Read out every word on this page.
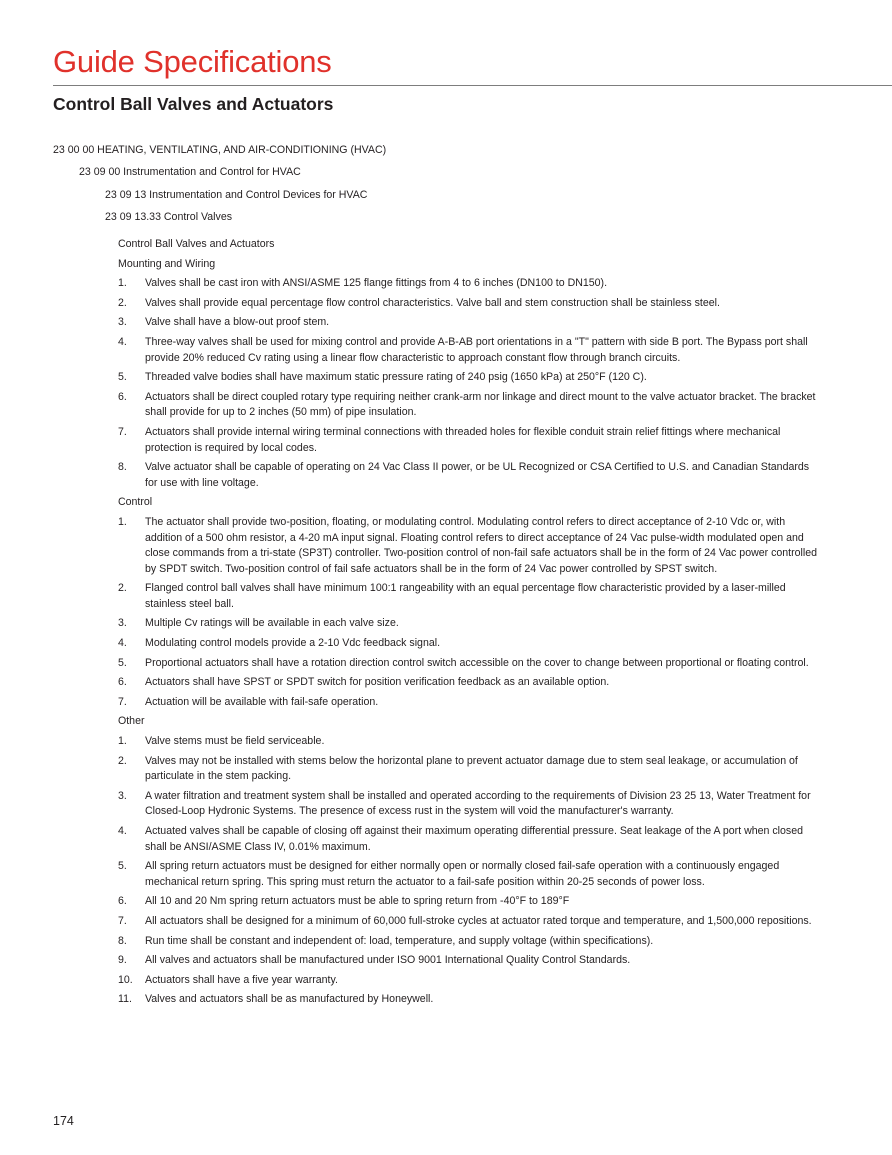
Guide Specifications
Control Ball Valves and Actuators
23 00 00 HEATING, VENTILATING, AND AIR-CONDITIONING (HVAC)
23 09 00 Instrumentation and Control for HVAC
23 09 13 Instrumentation and Control Devices for HVAC
23 09 13.33 Control Valves
Control Ball Valves and Actuators
Mounting and Wiring
1. Valves shall be cast iron with ANSI/ASME 125 flange fittings from 4 to 6 inches (DN100 to DN150).
2. Valves shall provide equal percentage flow control characteristics. Valve ball and stem construction shall be stainless steel.
3. Valve shall have a blow-out proof stem.
4. Three-way valves shall be used for mixing control and provide A-B-AB port orientations in a "T" pattern with side B port. The Bypass port shall provide 20% reduced Cv rating using a linear flow characteristic to approach constant flow through branch circuits.
5. Threaded valve bodies shall have maximum static pressure rating of 240 psig (1650 kPa) at 250°F (120 C).
6. Actuators shall be direct coupled rotary type requiring neither crank-arm nor linkage and direct mount to the valve actuator bracket. The bracket shall provide for up to 2 inches (50 mm) of pipe insulation.
7. Actuators shall provide internal wiring terminal connections with threaded holes for flexible conduit strain relief fittings where mechanical protection is required by local codes.
8. Valve actuator shall be capable of operating on 24 Vac Class II power, or be UL Recognized or CSA Certified to U.S. and Canadian Standards for use with line voltage.
Control
1. The actuator shall provide two-position, floating, or modulating control. Modulating control refers to direct acceptance of 2-10 Vdc or, with addition of a 500 ohm resistor, a 4-20 mA input signal. Floating control refers to direct acceptance of 24 Vac pulse-width modulated open and close commands from a tri-state (SP3T) controller. Two-position control of non-fail safe actuators shall be in the form of 24 Vac power controlled by SPDT switch. Two-position control of fail safe actuators shall be in the form of 24 Vac power controlled by SPST switch.
2. Flanged control ball valves shall have minimum 100:1 rangeability with an equal percentage flow characteristic provided by a laser-milled stainless steel ball.
3. Multiple Cv ratings will be available in each valve size.
4. Modulating control models provide a 2-10 Vdc feedback signal.
5. Proportional actuators shall have a rotation direction control switch accessible on the cover to change between proportional or floating control.
6. Actuators shall have SPST or SPDT switch for position verification feedback as an available option.
7. Actuation will be available with fail-safe operation.
Other
1. Valve stems must be field serviceable.
2. Valves may not be installed with stems below the horizontal plane to prevent actuator damage due to stem seal leakage, or accumulation of particulate in the stem packing.
3. A water filtration and treatment system shall be installed and operated according to the requirements of Division 23 25 13, Water Treatment for Closed-Loop Hydronic Systems. The presence of excess rust in the system will void the manufacturer's warranty.
4. Actuated valves shall be capable of closing off against their maximum operating differential pressure. Seat leakage of the A port when closed shall be ANSI/ASME Class IV, 0.01% maximum.
5. All spring return actuators must be designed for either normally open or normally closed fail-safe operation with a continuously engaged mechanical return spring. This spring must return the actuator to a fail-safe position within 20-25 seconds of power loss.
6. All 10 and 20 Nm spring return actuators must be able to spring return from -40°F to 189°F
7. All actuators shall be designed for a minimum of 60,000 full-stroke cycles at actuator rated torque and temperature, and 1,500,000 repositions.
8. Run time shall be constant and independent of: load, temperature, and supply voltage (within specifications).
9. All valves and actuators shall be manufactured under ISO 9001 International Quality Control Standards.
10. Actuators shall have a five year warranty.
11. Valves and actuators shall be as manufactured by Honeywell.
174
